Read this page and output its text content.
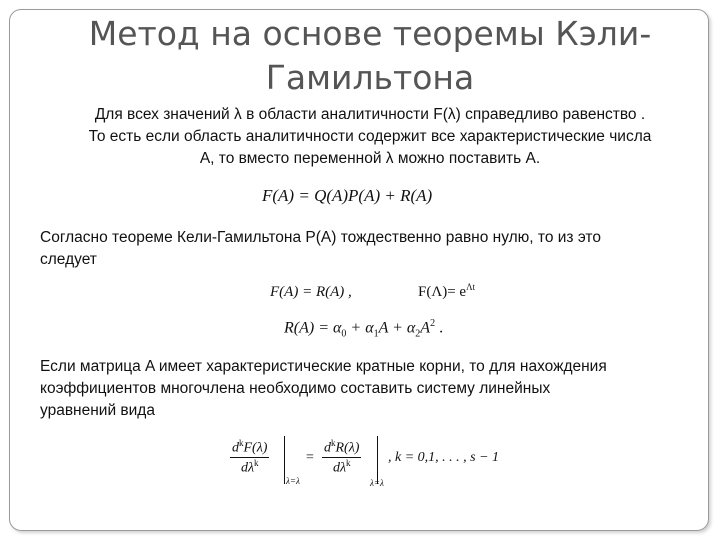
Метод на основе теоремы Кэли-
Гамильтона
Для всех значений λ в области аналитичности F(λ) справедливо равенство .
То есть если область аналитичности содержит все характеристические числа
A, то вместо переменной λ можно поставить A.
F(A) = Q(A)P(A) + R(A)
Согласно теореме Кели-Гамильтона P(A) тождественно равно нулю, то из это
следует
F(A) = R(A) ,	$F(\Lambda)= e^{\Lambda t}$
$R(A) = \alpha_0 + \alpha_1A + \alpha_2A^2$ .
Если матрица A имеет характеристические кратные корни, то для нахождения
коэффициентов многочлена необходимо составить систему линейных
уравнений вида
$d^kF(\lambda)$
$d\lambda^k$
λ=λ
=
$d^kR(\lambda)$
$d\lambda^k$
λ=λ
, k = 0,1, . . . , s − 1
